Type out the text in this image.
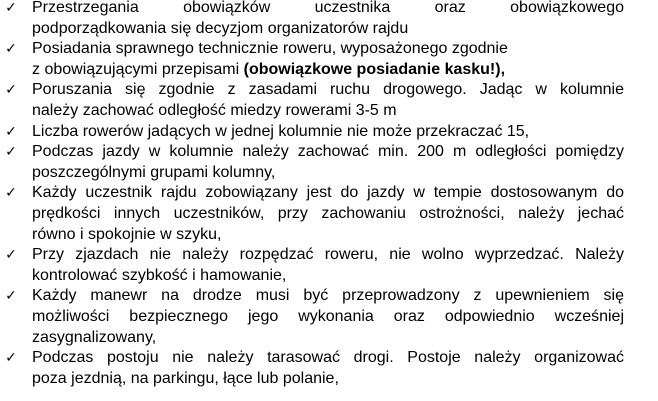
✓ Przestrzegania obowiązków uczestnika oraz obowiązkowego
podporządkowania się decyzjom organizatorów rajdu
✓ Posiadania sprawnego technicznie roweru, wyposażonego zgodnie
z obowiązującymi przepisami (obowiązkowe posiadanie kasku!),
✓ Poruszania się zgodnie z zasadami ruchu drogowego. Jadąc w kolumnie
należy zachować odległość miedzy rowerami 3-5 m
✓ Liczba rowerów jadących w jednej kolumnie nie może przekraczać 15,
✓ Podczas jazdy w kolumnie należy zachować min. 200 m odległości pomiędzy
poszczególnymi grupami kolumny,
✓ Każdy uczestnik rajdu zobowiązany jest do jazdy w tempie dostosowanym do
prędkości innych uczestników, przy zachowaniu ostrożności, należy jechać
równo i spokojnie w szyku,
✓ Przy zjazdach nie należy rozpędzać roweru, nie wolno wyprzedzać. Należy
kontrolować szybkość i hamowanie,
✓ Każdy manewr na drodze musi być przeprowadzony z upewnieniem się
możliwości bezpiecznego jego wykonania oraz odpowiednio wcześniej
zasygnalizowany,
✓ Podczas postoju nie należy tarasować drogi. Postoje należy organizować
poza jezdnią, na parkingu, łące lub polanie,
